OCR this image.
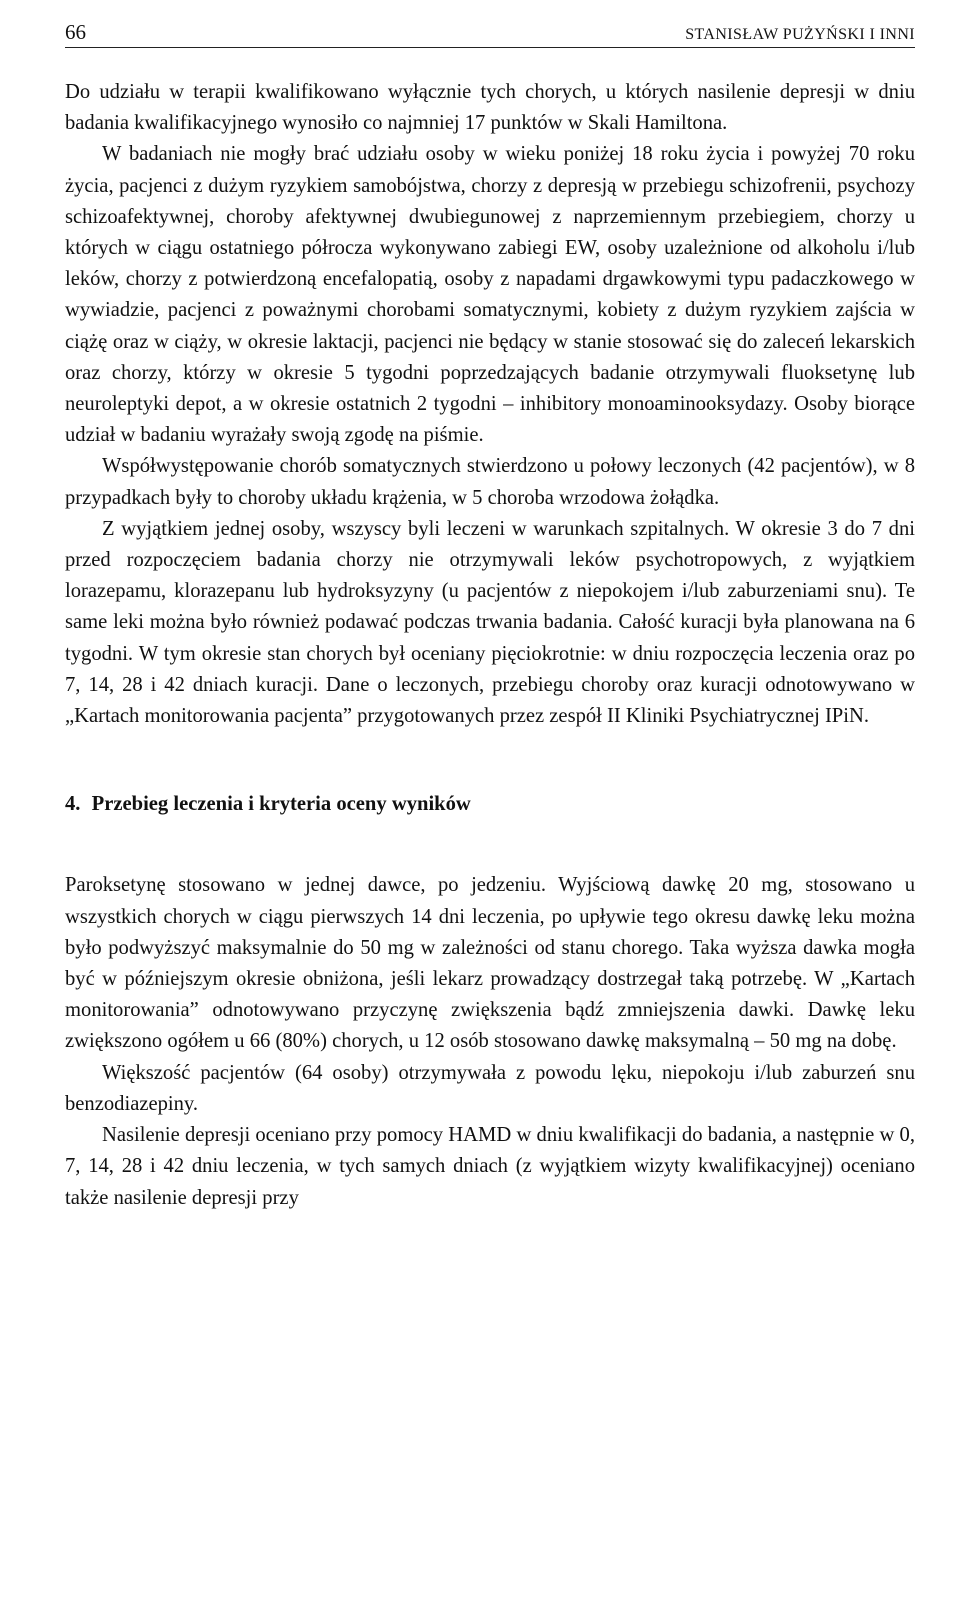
66	STANISŁAW PUŻYŃSKI I INNI

Do udziału w terapii kwalifikowano wyłącznie tych chorych, u których nasilenie depresji w dniu badania kwalifikacyjnego wynosiło co najmniej 17 punktów w Skali Hamiltona.

W badaniach nie mogły brać udziału osoby w wieku poniżej 18 roku życia i powyżej 70 roku życia, pacjenci z dużym ryzykiem samobójstwa, chorzy z depresją w przebiegu schizofrenii, psychozy schizoafektywnej, choroby afektywnej dwubiegunowej z naprzemiennym przebiegiem, chorzy u których w ciągu ostatniego półrocza wykonywano zabiegi EW, osoby uzależnione od alkoholu i/lub leków, chorzy z potwierdzoną encefalopatią, osoby z napadami drgawkowymi typu padaczkowego w wywiadzie, pacjenci z poważnymi chorobami somatycznymi, kobiety z dużym ryzykiem zajścia w ciążę oraz w ciąży, w okresie laktacji, pacjenci nie będący w stanie stosować się do zaleceń lekarskich oraz chorzy, którzy w okresie 5 tygodni poprzedzających badanie otrzymywali fluoksetynę lub neuroleptyki depot, a w okresie ostatnich 2 tygodni – inhibitory monoaminooksydazy. Osoby biorące udział w badaniu wyrażały swoją zgodę na piśmie.

Współwystępowanie chorób somatycznych stwierdzono u połowy leczonych (42 pacjentów), w 8 przypadkach były to choroby układu krążenia, w 5 choroba wrzodowa żołądka.

Z wyjątkiem jednej osoby, wszyscy byli leczeni w warunkach szpitalnych. W okresie 3 do 7 dni przed rozpoczęciem badania chorzy nie otrzymywali leków psychotropowych, z wyjątkiem lorazepamu, klorazepanu lub hydroksyzyny (u pacjentów z niepokojem i/lub zaburzeniami snu). Te same leki można było również podawać podczas trwania badania. Całość kuracji była planowana na 6 tygodni. W tym okresie stan chorych był oceniany pięciokrotnie: w dniu rozpoczęcia leczenia oraz po 7, 14, 28 i 42 dniach kuracji. Dane o leczonych, przebiegu choroby oraz kuracji odnotowywano w „Kartach monitorowania pacjenta” przygotowanych przez zespół II Kliniki Psychiatrycznej IPiN.

4. Przebieg leczenia i kryteria oceny wyników

Paroksetynę stosowano w jednej dawce, po jedzeniu. Wyjściową dawkę 20 mg, stosowano u wszystkich chorych w ciągu pierwszych 14 dni leczenia, po upływie tego okresu dawkę leku można było podwyższyć maksymalnie do 50 mg w zależności od stanu chorego. Taka wyższa dawka mogła być w późniejszym okresie obniżona, jeśli lekarz prowadzący dostrzegał taką potrzebę. W „Kartach monitorowania” odnotowywano przyczynę zwiększenia bądź zmniejszenia dawki. Dawkę leku zwiększono ogółem u 66 (80%) chorych, u 12 osób stosowano dawkę maksymalną – 50 mg na dobę.

Większość pacjentów (64 osoby) otrzymywała z powodu lęku, niepokoju i/lub zaburzeń snu benzodiazepiny.

Nasilenie depresji oceniano przy pomocy HAMD w dniu kwalifikacji do badania, a następnie w 0, 7, 14, 28 i 42 dniu leczenia, w tych samych dniach (z wyjątkiem wizyty kwalifikacyjnej) oceniano także nasilenie depresji przy
